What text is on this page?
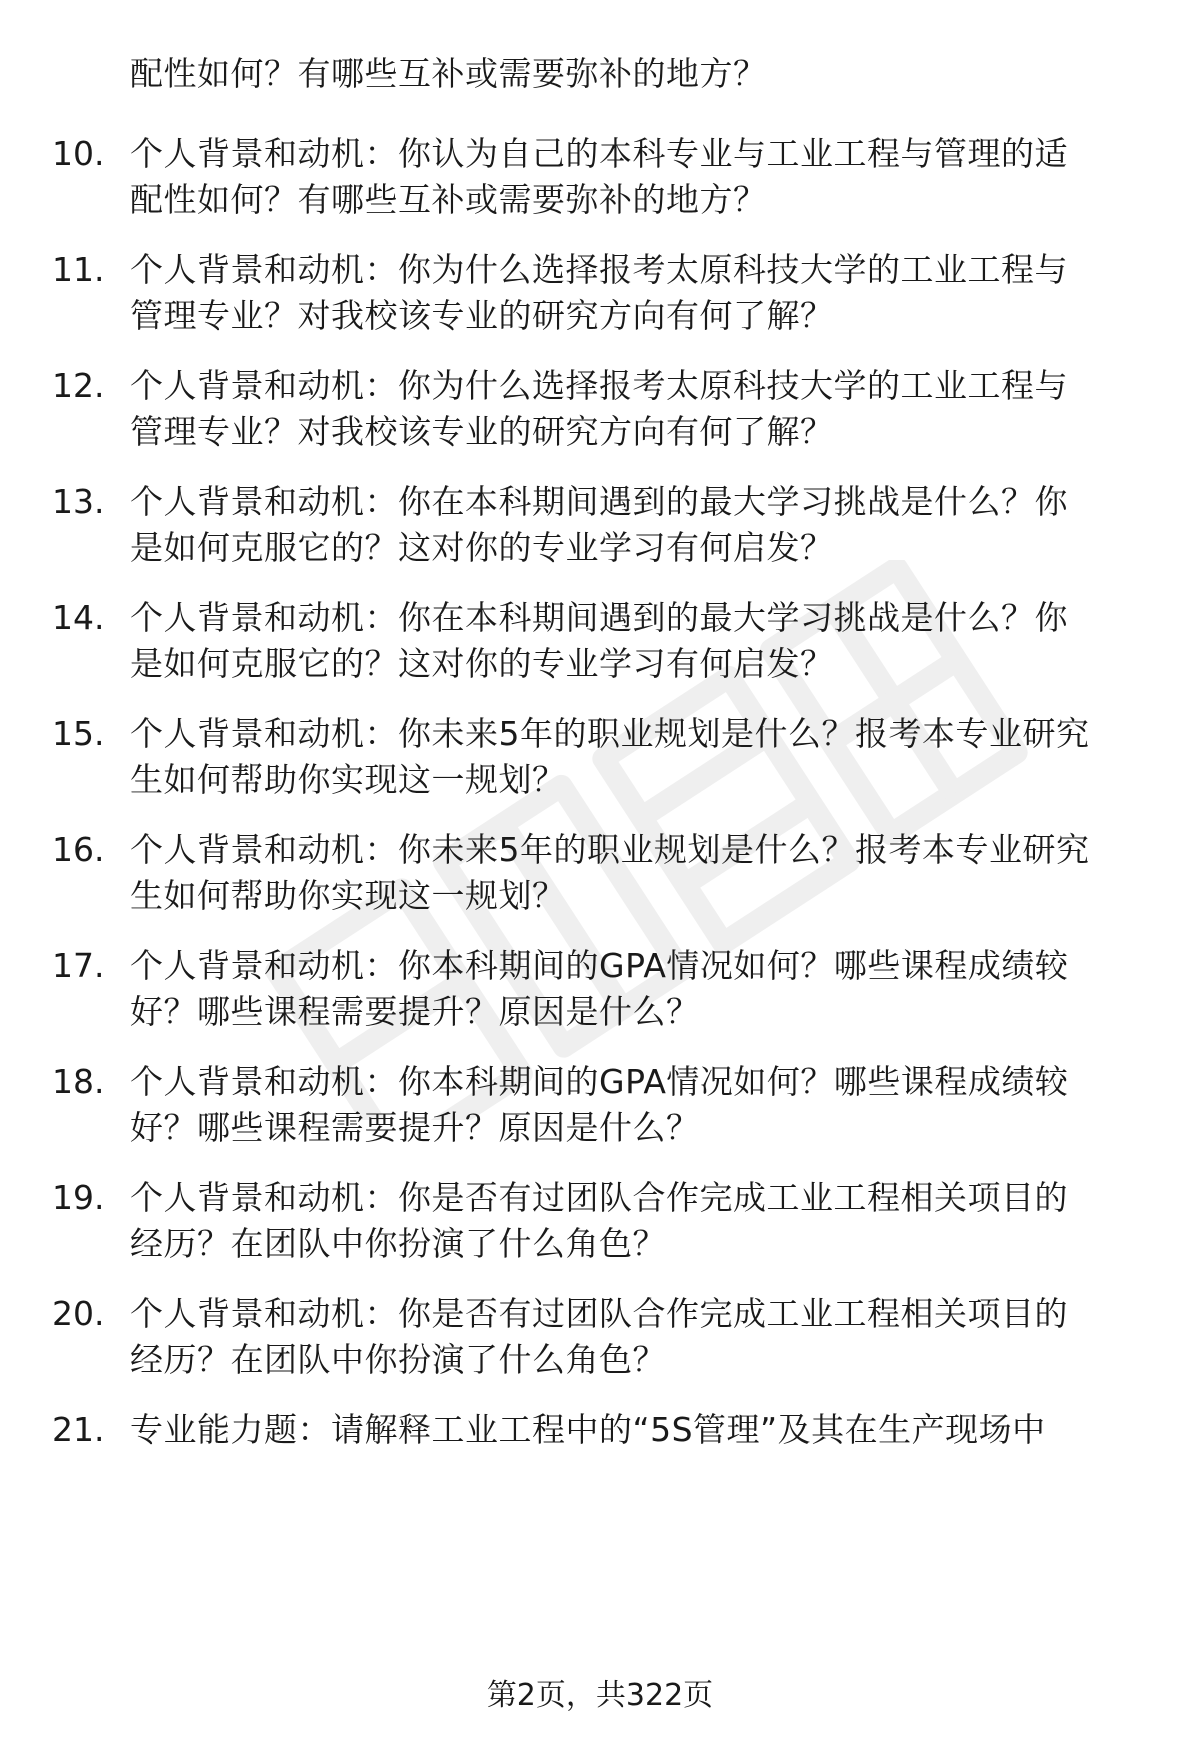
配性如何？有哪些互补或需要弥补的地方？
10. 个人背景和动机：你认为自己的本科专业与工业工程与管理的适
配性如何？有哪些互补或需要弥补的地方？
11. 个人背景和动机：你为什么选择报考太原科技大学的工业工程与
管理专业？对我校该专业的研究方向有何了解？
12. 个人背景和动机：你为什么选择报考太原科技大学的工业工程与
管理专业？对我校该专业的研究方向有何了解？
13. 个人背景和动机：你在本科期间遇到的最大学习挑战是什么？你
是如何克服它的？这对你的专业学习有何启发？
14. 个人背景和动机：你在本科期间遇到的最大学习挑战是什么？你
是如何克服它的？这对你的专业学习有何启发？
15. 个人背景和动机：你未来5年的职业规划是什么？报考本专业研究
生如何帮助你实现这一规划？
16. 个人背景和动机：你未来5年的职业规划是什么？报考本专业研究
生如何帮助你实现这一规划？
17. 个人背景和动机：你本科期间的GPA情况如何？哪些课程成绩较
好？哪些课程需要提升？原因是什么？
18. 个人背景和动机：你本科期间的GPA情况如何？哪些课程成绩较
好？哪些课程需要提升？原因是什么？
19. 个人背景和动机：你是否有过团队合作完成工业工程相关项目的
经历？在团队中你扮演了什么角色？
20. 个人背景和动机：你是否有过团队合作完成工业工程相关项目的
经历？在团队中你扮演了什么角色？
21. 专业能力题：请解释工业工程中的“5S管理”及其在生产现场中
第2页，共322页
